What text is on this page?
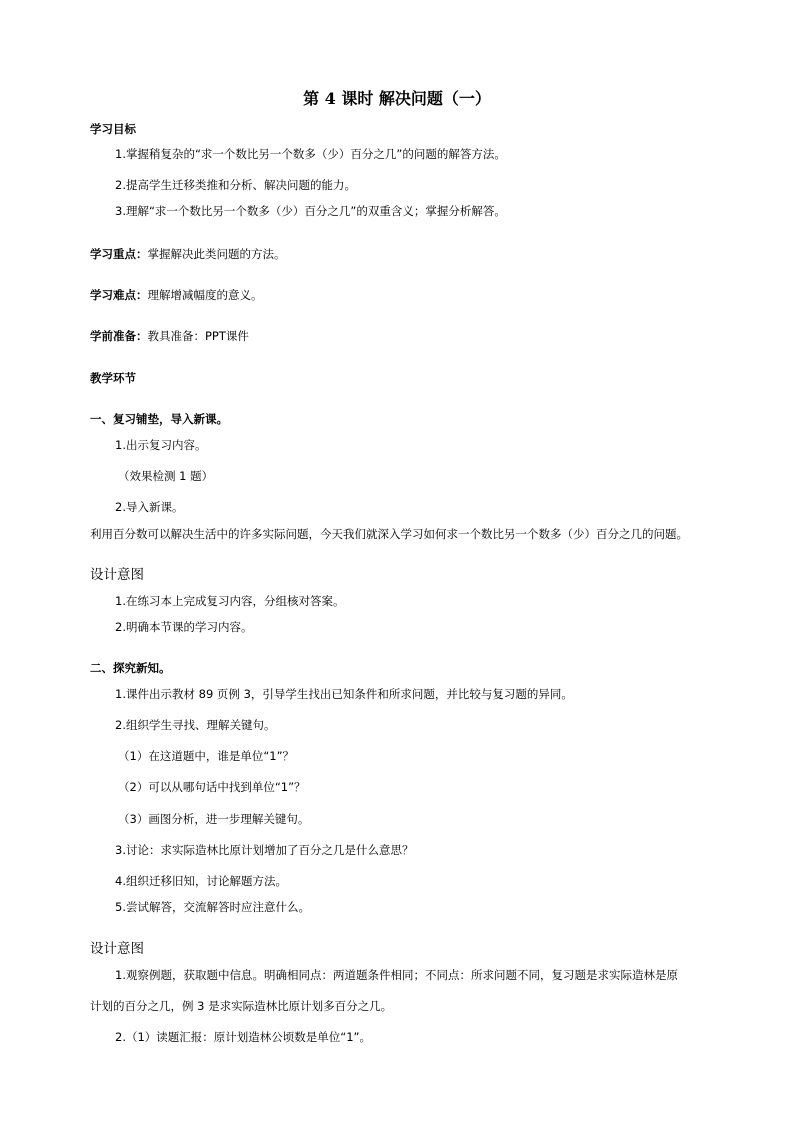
第 4 课时 解决问题（一）
学习目标
1.掌握稍复杂的“求一个数比另一个数多（少）百分之几”的问题的解答方法。
2.提高学生迁移类推和分析、解决问题的能力。
3.理解“求一个数比另一个数多（少）百分之几”的双重含义；掌握分析解答。
学习重点：掌握解决此类问题的方法。
学习难点：理解增减幅度的意义。
学前准备：教具准备：PPT课件
教学环节
一、复习铺垫，导入新课。
1.出示复习内容。
（效果检测 1 题）
2.导入新课。
利用百分数可以解决生活中的许多实际问题，今天我们就深入学习如何求一个数比另一个数多（少）百分之几的问题。
设计意图
1.在练习本上完成复习内容，分组核对答案。
2.明确本节课的学习内容。
二、探究新知。
1.课件出示教材 89 页例 3，引导学生找出已知条件和所求问题，并比较与复习题的异同。
2.组织学生寻找、理解关键句。
（1）在这道题中，谁是单位“1”？
（2）可以从哪句话中找到单位“1”？
（3）画图分析，进一步理解关键句。
3.讨论：求实际造林比原计划增加了百分之几是什么意思？
4.组织迁移旧知，讨论解题方法。
5.尝试解答，交流解答时应注意什么。
设计意图
1.观察例题，获取题中信息。明确相同点：两道题条件相同；不同点：所求问题不同，复习题是求实际造林是原
计划的百分之几，例 3 是求实际造林比原计划多百分之几。
2.（1）读题汇报：原计划造林公顷数是单位“1”。
